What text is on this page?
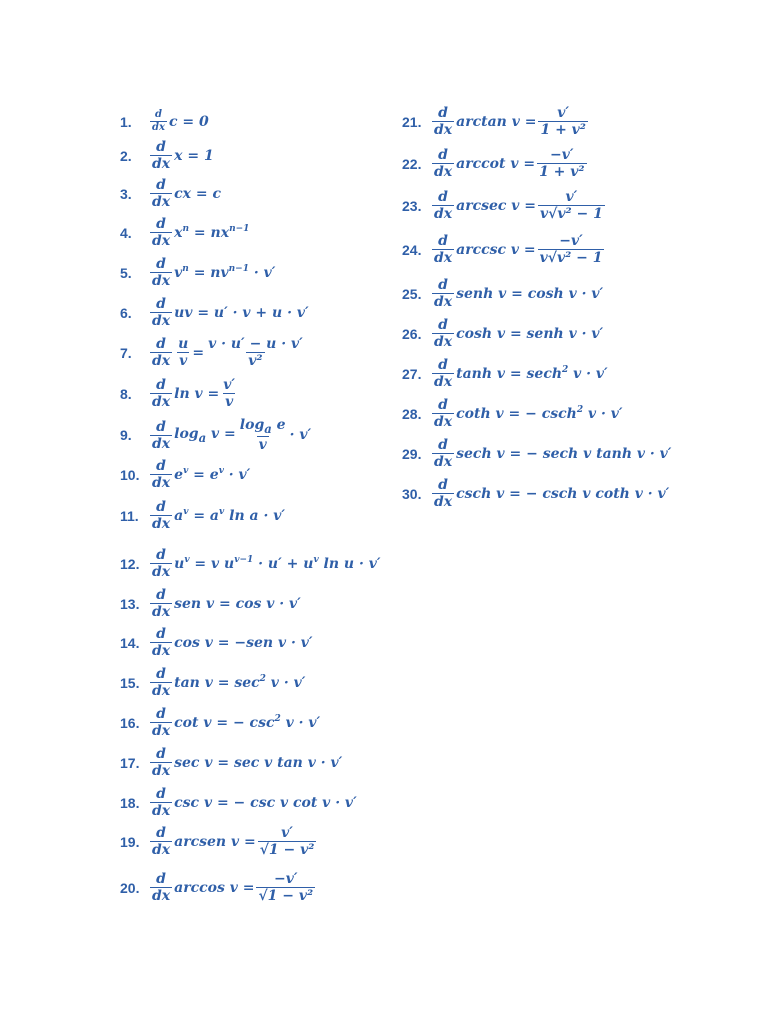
1.	$\frac{d}{dx}$ c = 0
2.	$\frac{d}{dx}$ x = 1
3.	$\frac{d}{dx}$ cx = c
4.	$\frac{d}{dx} x^n = nx^{n-1}$
5.	$\frac{d}{dx} v^n = nv^{n-1} \cdot v'$
6.	$\frac{d}{dx}$ uv = u′ · v + u · v′
7.	$\frac{d}{dx} \frac{u}{v} = \frac{v \cdot u' - u \cdot v'}{\text{v²}}$
8.	$\frac{d}{dx}$ $\ln v = \frac{v'}{v}$
9.	$\frac{d}{dx} \log_a v = \frac{\log_a e}{v} \cdot v'$
10. $\frac{d}{dx} e^v = e^v \cdot v'$
11. $\frac{d}{dx} a^v = a^v$ ln a · v′
12. $\frac{d}{dx} u^v = v$ $u^{v-1} \cdot u' + u^v$ ln u · v′
13. $\frac{d}{dx}$ sen v = cos v · v′
14. $\frac{d}{dx}$ cos v = −sen v · v′
15. $\frac{d}{dx}$ $\tan v = \sec^2 v \cdot v'$
16. $\frac{d}{dx}$ cot v = − $\csc^2 v \cdot v'$
17. $\frac{d}{dx}$ sec v = sec v tan v · v′
18. $\frac{d}{dx}$ csc v = − csc v cot v · v′
19. $\frac{d}{dx}$ arcsen $v = \frac{v'}{\text{√1 − v²}}$
20. $\frac{d}{dx}$ $\arccos v = \frac{-v'}{\text{√1 − v²}}$
21. $\frac{d}{dx}$ $\arctan v = \frac{v'}{\text{1 + v²}}$
22. $\frac{d}{dx}$ arccot $v = \frac{-v'}{\text{1 + v²}}$
23. $\frac{d}{dx}$ arcsec $v = \frac{v'}{\text{v√v² − 1}}$
24. $\frac{d}{dx}$ arccsc $v = \frac{-v'}{\text{v√v² − 1}}$
25. $\frac{d}{dx}$ senh v = cosh v · v′
26. $\frac{d}{dx}$ cosh v = senh v · v′
27. $\frac{d}{dx}$ tanh v = sech$^2$ v · v′
28. $\frac{d}{dx}$ coth v = − csch$^2$ v · v′
29. $\frac{d}{dx}$ sech v = − sech v tanh v · v′
30. $\frac{d}{dx}$ csch v = − csch v coth v · v′
